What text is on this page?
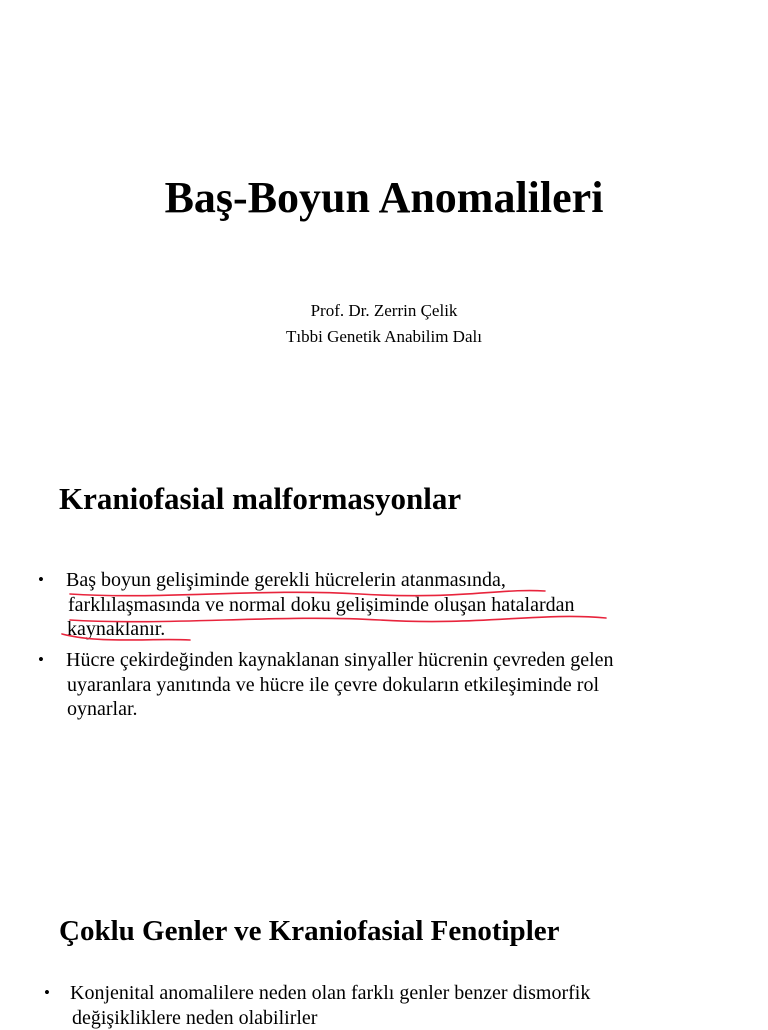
Baş-Boyun Anomalileri
Prof. Dr. Zerrin Çelik
Tıbbi Genetik Anabilim Dalı
Kraniofasial malformasyonlar
• Baş boyun gelişiminde gerekli hücrelerin atanmasında,
farklılaşmasında ve normal doku gelişiminde oluşan hatalardan
kaynaklanır.
• Hücre çekirdeğinden kaynaklanan sinyaller hücrenin çevreden gelen
uyaranlara yanıtında ve hücre ile çevre dokuların etkileşiminde rol
oynarlar.
Çoklu Genler ve Kraniofasial Fenotipler
• Konjenital anomalilere neden olan farklı genler benzer dismorfik
değişikliklere neden olabilirler
